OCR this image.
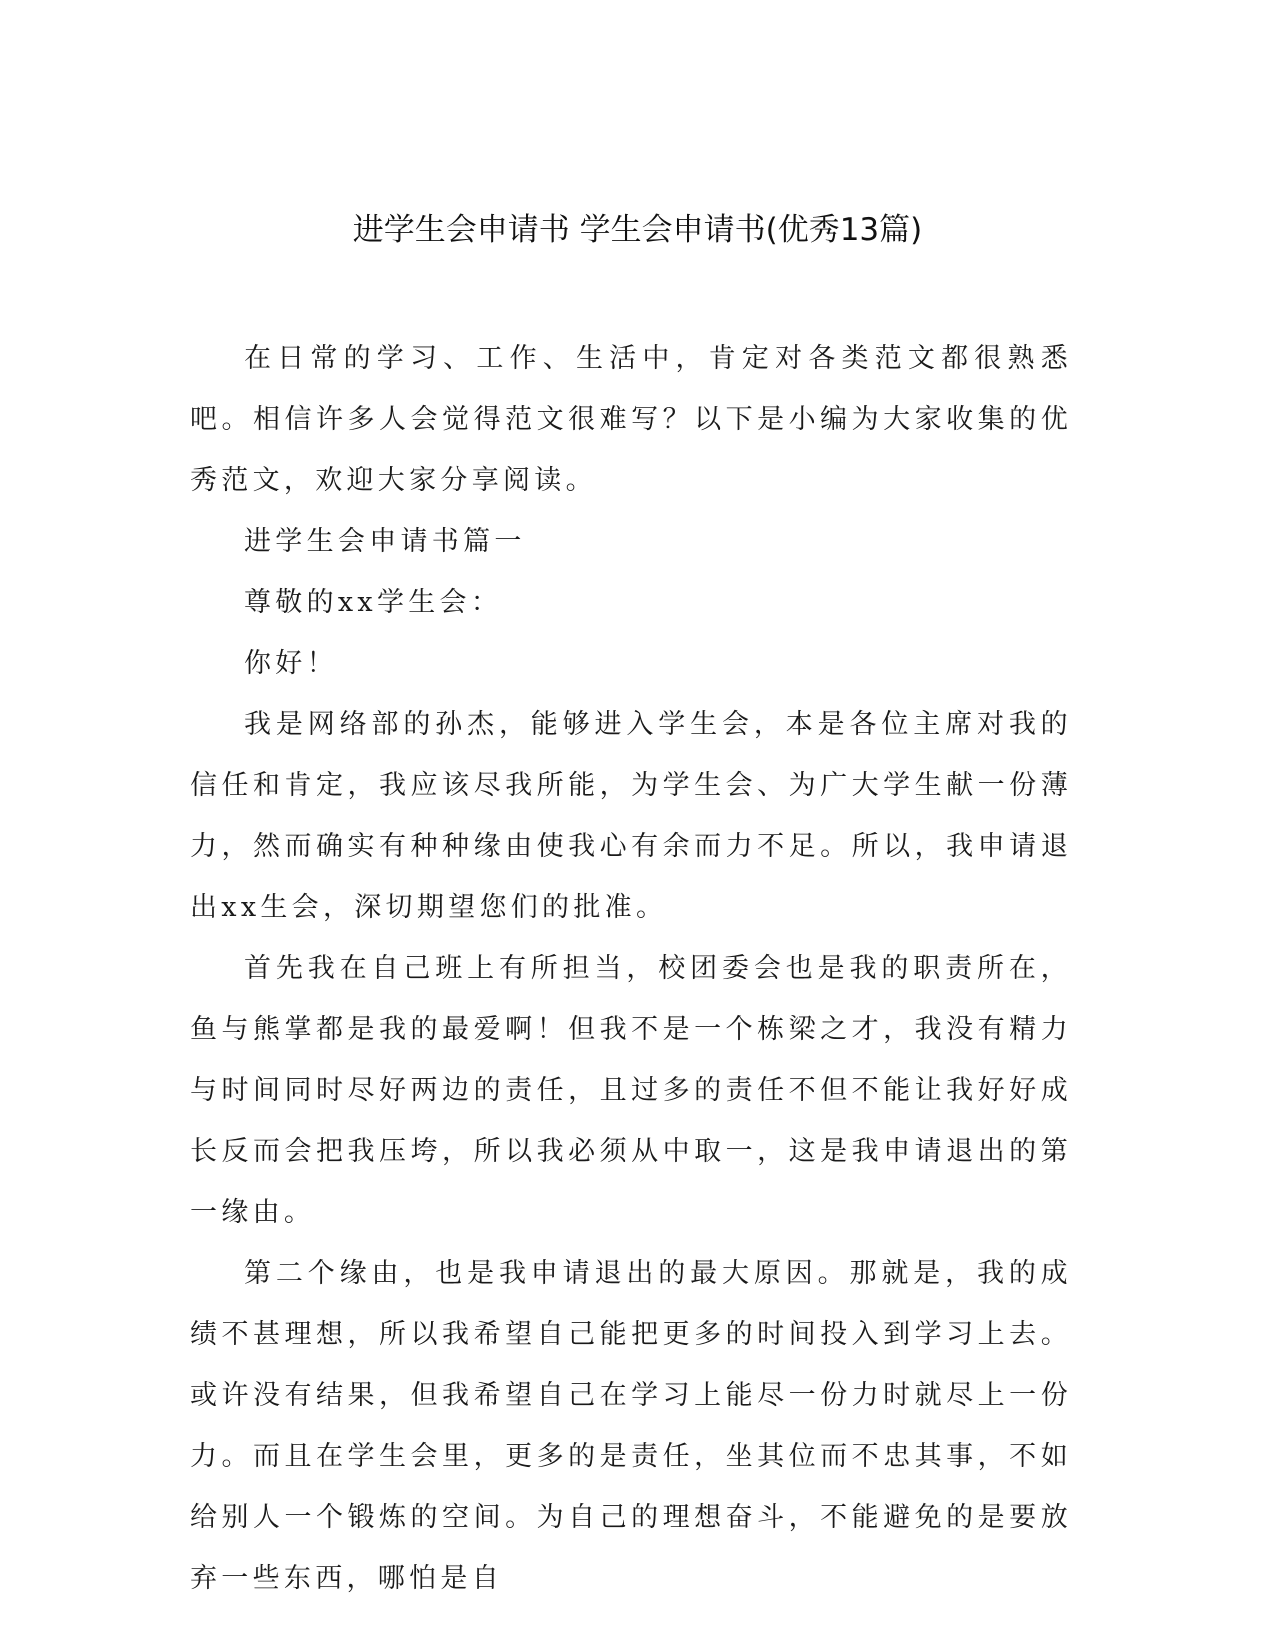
进学生会申请书 学生会申请书(优秀13篇)

在日常的学习、工作、生活中，肯定对各类范文都很熟悉吧。相信许多人会觉得范文很难写？以下是小编为大家收集的优秀范文，欢迎大家分享阅读。

进学生会申请书篇一

尊敬的xx学生会：

你好！

我是网络部的孙杰，能够进入学生会，本是各位主席对我的信任和肯定，我应该尽我所能，为学生会、为广大学生献一份薄力，然而确实有种种缘由使我心有余而力不足。所以，我申请退出xx生会，深切期望您们的批准。

首先我在自己班上有所担当，校团委会也是我的职责所在，鱼与熊掌都是我的最爱啊！但我不是一个栋梁之才，我没有精力与时间同时尽好两边的责任，且过多的责任不但不能让我好好成长反而会把我压垮，所以我必须从中取一，这是我申请退出的第一缘由。

第二个缘由，也是我申请退出的最大原因。那就是，我的成绩不甚理想，所以我希望自己能把更多的时间投入到学习上去。或许没有结果，但我希望自己在学习上能尽一份力时就尽上一份力。而且在学生会里，更多的是责任，坐其位而不忠其事，不如给别人一个锻炼的空间。为自己的理想奋斗，不能避免的是要放弃一些东西，哪怕是自
